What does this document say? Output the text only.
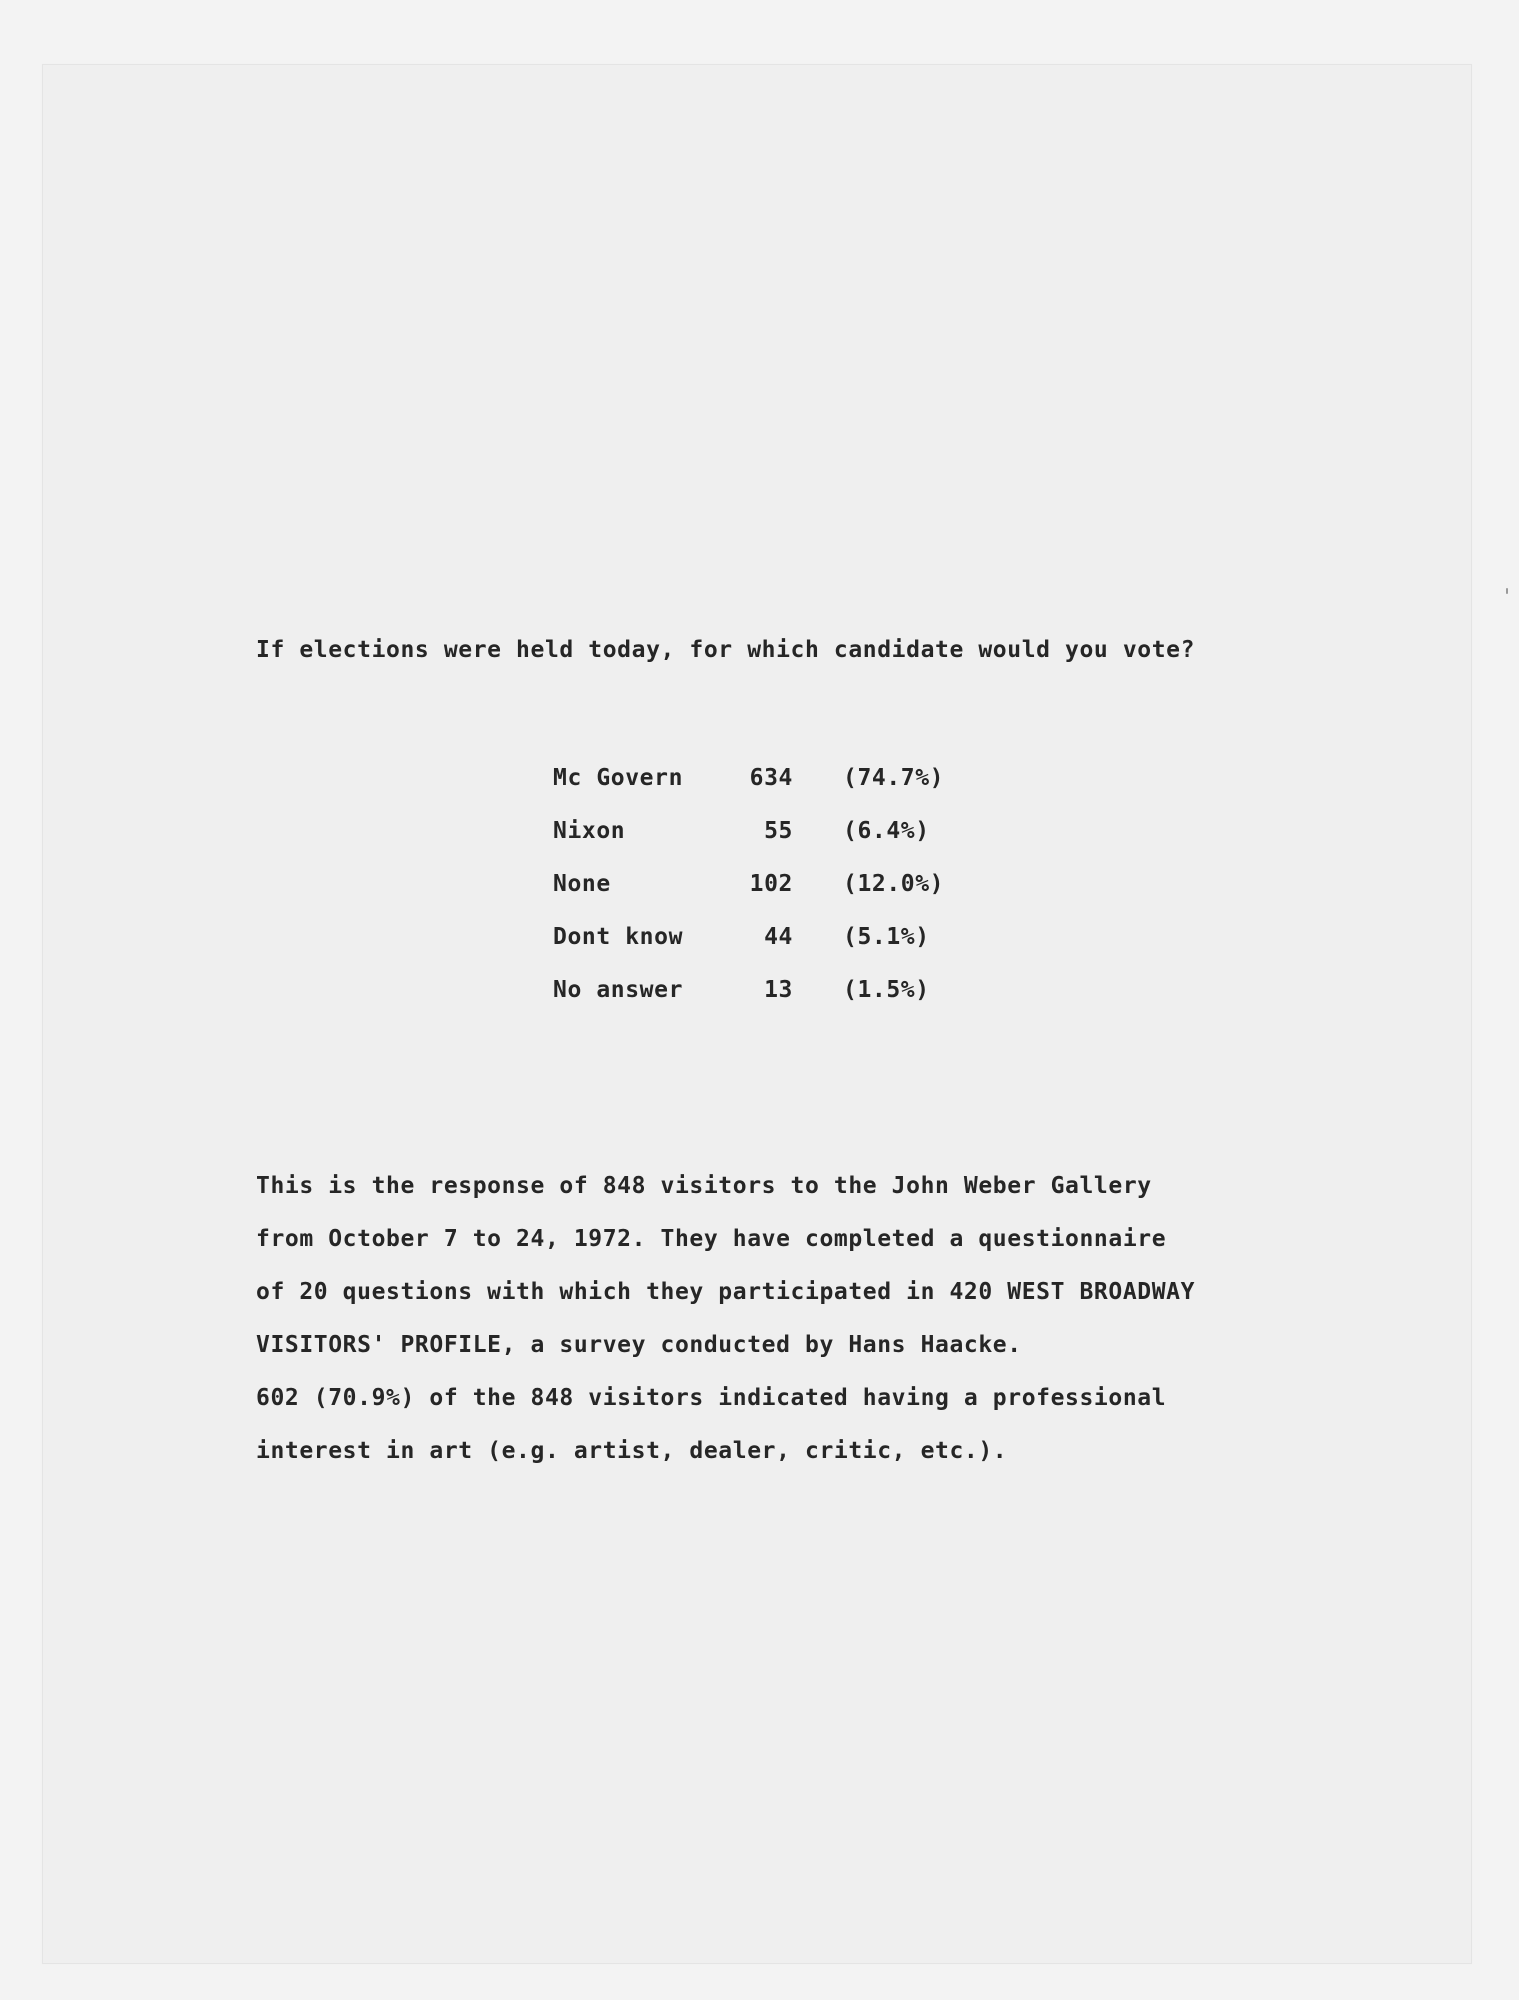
If elections were held today, for which candidate would you vote?
Mc Govern	634 (74.7%)
Nixon	55 (6.4%)
None	102 (12.0%)
Dont know	44 (5.1%)
No answer	13 (1.5%)
This is the response of 848 visitors to the John Weber Gallery
from October 7 to 24, 1972. They have completed a questionnaire
of 20 questions with which they participated in 420 WEST BROADWAY
VISITORS' PROFILE, a survey conducted by Hans Haacke.
602 (70.9%) of the 848 visitors indicated having a professional
interest in art (e.g. artist, dealer, critic, etc.).
